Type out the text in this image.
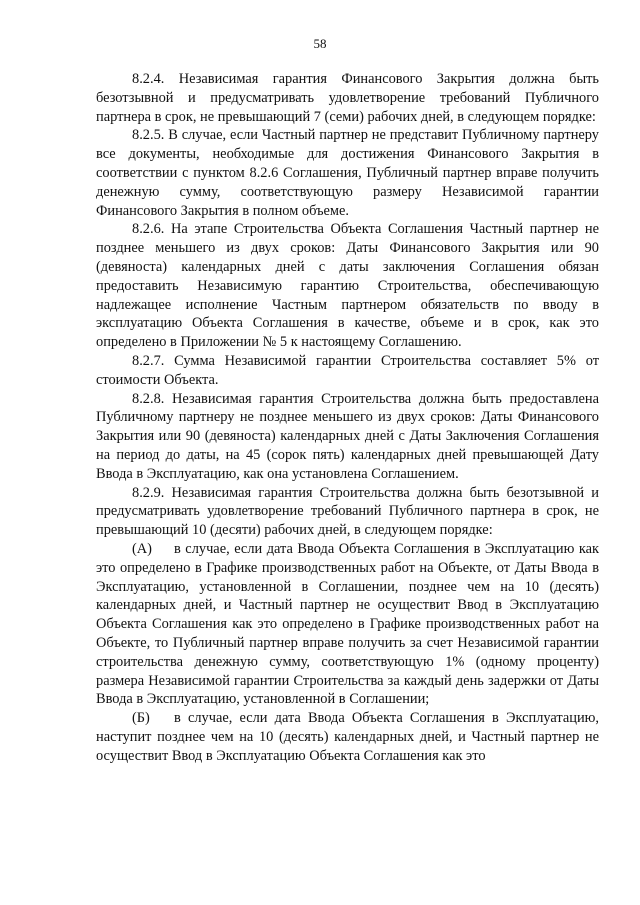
58

8.2.4. Независимая гарантия Финансового Закрытия должна быть безотзывной и предусматривать удовлетворение требований Публичного партнера в срок, не превышающий 7 (семи) рабочих дней, в следующем порядке:

8.2.5. В случае, если Частный партнер не представит Публичному партнеру все документы, необходимые для достижения Финансового Закрытия в соответствии с пунктом 8.2.6 Соглашения, Публичный партнер вправе получить денежную сумму, соответствующую размеру Независимой гарантии Финансового Закрытия в полном объеме.

8.2.6. На этапе Строительства Объекта Соглашения Частный партнер не позднее меньшего из двух сроков: Даты Финансового Закрытия или 90 (девяноста) календарных дней с даты заключения Соглашения обязан предоставить Независимую гарантию Строительства, обеспечивающую надлежащее исполнение Частным партнером обязательств по вводу в эксплуатацию Объекта Соглашения в качестве, объеме и в срок, как это определено в Приложении № 5 к настоящему Соглашению.

8.2.7. Сумма Независимой гарантии Строительства составляет 5% от стоимости Объекта.

8.2.8. Независимая гарантия Строительства должна быть предоставлена Публичному партнеру не позднее меньшего из двух сроков: Даты Финансового Закрытия или 90 (девяноста) календарных дней с Даты Заключения Соглашения на период до даты, на 45 (сорок пять) календарных дней превышающей Дату Ввода в Эксплуатацию, как она установлена Соглашением.

8.2.9. Независимая гарантия Строительства должна быть безотзывной и предусматривать удовлетворение требований Публичного партнера в срок, не превышающий 10 (десяти) рабочих дней, в следующем порядке:

(А) в случае, если дата Ввода Объекта Соглашения в Эксплуатацию как это определено в Графике производственных работ на Объекте, от Даты Ввода в Эксплуатацию, установленной в Соглашении, позднее чем на 10 (десять) календарных дней, и Частный партнер не осуществит Ввод в Эксплуатацию Объекта Соглашения как это определено в Графике производственных работ на Объекте, то Публичный партнер вправе получить за счет Независимой гарантии строительства денежную сумму, соответствующую 1% (одному проценту) размера Независимой гарантии Строительства за каждый день задержки от Даты Ввода в Эксплуатацию, установленной в Соглашении;

(Б) в случае, если дата Ввода Объекта Соглашения в Эксплуатацию, наступит позднее чем на 10 (десять) календарных дней, и Частный партнер не осуществит Ввод в Эксплуатацию Объекта Соглашения как это
